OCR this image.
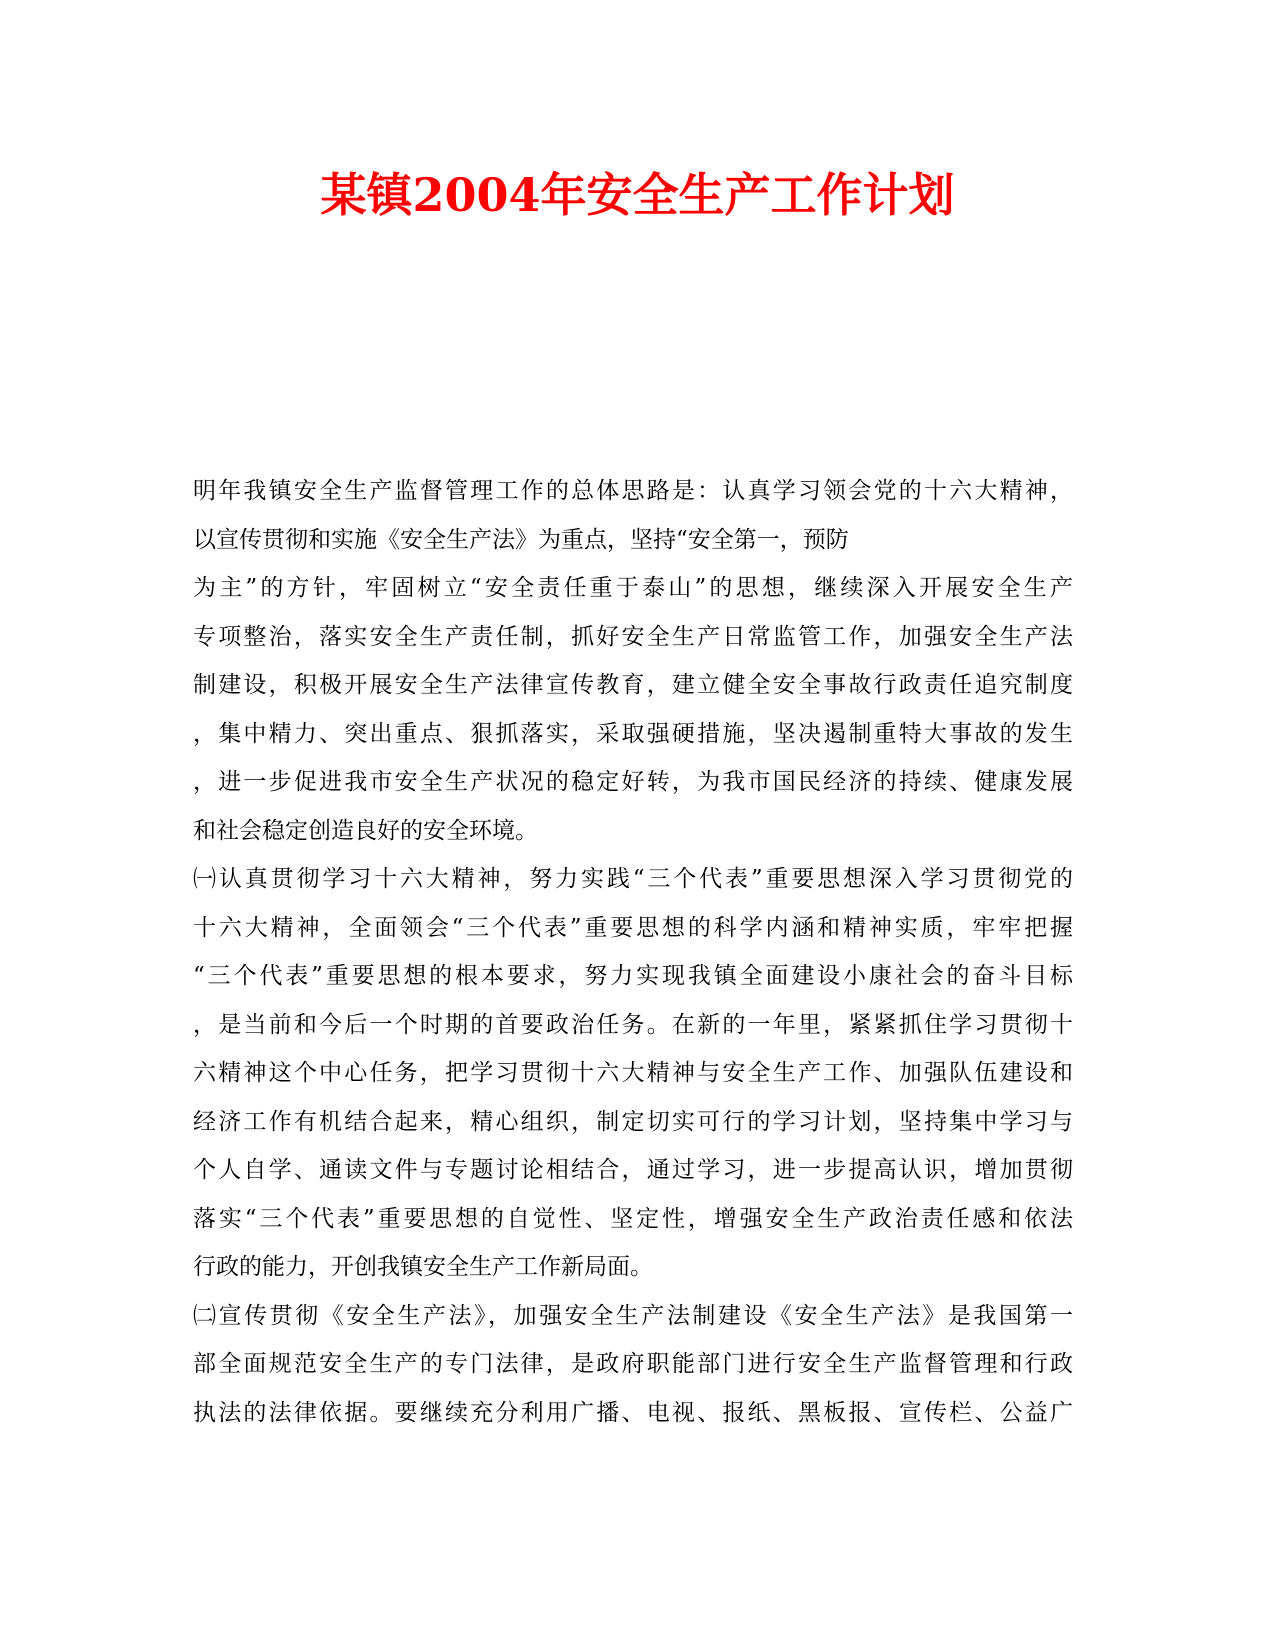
某镇2004年安全生产工作计划
明年我镇安全生产监督管理工作的总体思路是：认真学习领会党的十六大精神，
以宣传贯彻和实施《安全生产法》为重点，坚持“安全第一，预防
为主”的方针，牢固树立“安全责任重于泰山”的思想，继续深入开展安全生产
专项整治，落实安全生产责任制，抓好安全生产日常监管工作，加强安全生产法
制建设，积极开展安全生产法律宣传教育，建立健全安全事故行政责任追究制度
，集中精力、突出重点、狠抓落实，采取强硬措施，坚决遏制重特大事故的发生
，进一步促进我市安全生产状况的稳定好转，为我市国民经济的持续、健康发展
和社会稳定创造良好的安全环境。
㈠认真贯彻学习十六大精神，努力实践“三个代表”重要思想深入学习贯彻党的
十六大精神，全面领会“三个代表”重要思想的科学内涵和精神实质，牢牢把握
“三个代表”重要思想的根本要求，努力实现我镇全面建设小康社会的奋斗目标
，是当前和今后一个时期的首要政治任务。在新的一年里，紧紧抓住学习贯彻十
六精神这个中心任务，把学习贯彻十六大精神与安全生产工作、加强队伍建设和
经济工作有机结合起来，精心组织，制定切实可行的学习计划，坚持集中学习与
个人自学、通读文件与专题讨论相结合，通过学习，进一步提高认识，增加贯彻
落实“三个代表”重要思想的自觉性、坚定性，增强安全生产政治责任感和依法
行政的能力，开创我镇安全生产工作新局面。
㈡宣传贯彻《安全生产法》，加强安全生产法制建设《安全生产法》是我国第一
部全面规范安全生产的专门法律，是政府职能部门进行安全生产监督管理和行政
执法的法律依据。要继续充分利用广播、电视、报纸、黑板报、宣传栏、公益广
